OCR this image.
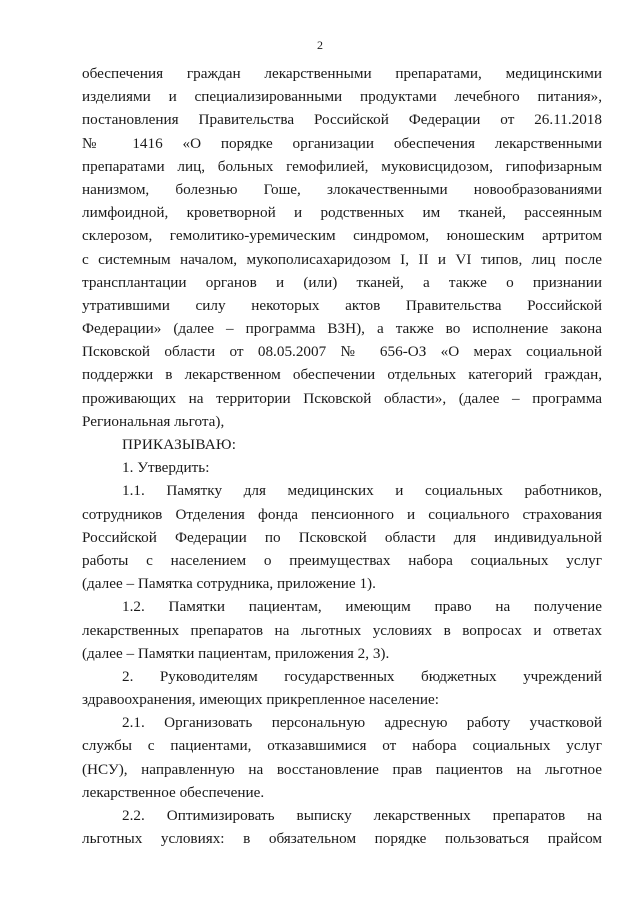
2
обеспечения граждан лекарственными препаратами, медицинскими
изделиями и специализированными продуктами лечебного питания»,
постановления Правительства Российской Федерации от 26.11.2018
№ 1416 «О порядке организации обеспечения лекарственными
препаратами лиц, больных гемофилией, муковисцидозом, гипофизарным
нанизмом, болезнью Гоше, злокачественными новообразованиями
лимфоидной, кроветворной и родственных им тканей, рассеянным
склерозом, гемолитико-уремическим синдромом, юношеским артритом
с системным началом, мукополисахаридозом I, II и VI типов, лиц после
трансплантации органов и (или) тканей, а также о признании
утратившими силу некоторых актов Правительства Российской
Федерации» (далее – программа ВЗН), а также во исполнение закона
Псковской области от 08.05.2007 № 656-ОЗ «О мерах социальной
поддержки в лекарственном обеспечении отдельных категорий граждан,
проживающих на территории Псковской области», (далее – программа
Региональная льгота),
ПРИКАЗЫВАЮ:
1. Утвердить:
1.1. Памятку для медицинских и социальных работников,
сотрудников Отделения фонда пенсионного и социального страхования
Российской Федерации по Псковской области для индивидуальной
работы с населением о преимуществах набора социальных услуг
(далее – Памятка сотрудника, приложение 1).
1.2. Памятки пациентам, имеющим право на получение
лекарственных препаратов на льготных условиях в вопросах и ответах
(далее – Памятки пациентам, приложения 2, 3).
2. Руководителям государственных бюджетных учреждений
здравоохранения, имеющих прикрепленное население:
2.1. Организовать персональную адресную работу участковой
службы с пациентами, отказавшимися от набора социальных услуг
(НСУ), направленную на восстановление прав пациентов на льготное
лекарственное обеспечение.
2.2. Оптимизировать выписку лекарственных препаратов на
льготных условиях: в обязательном порядке пользоваться прайсом
